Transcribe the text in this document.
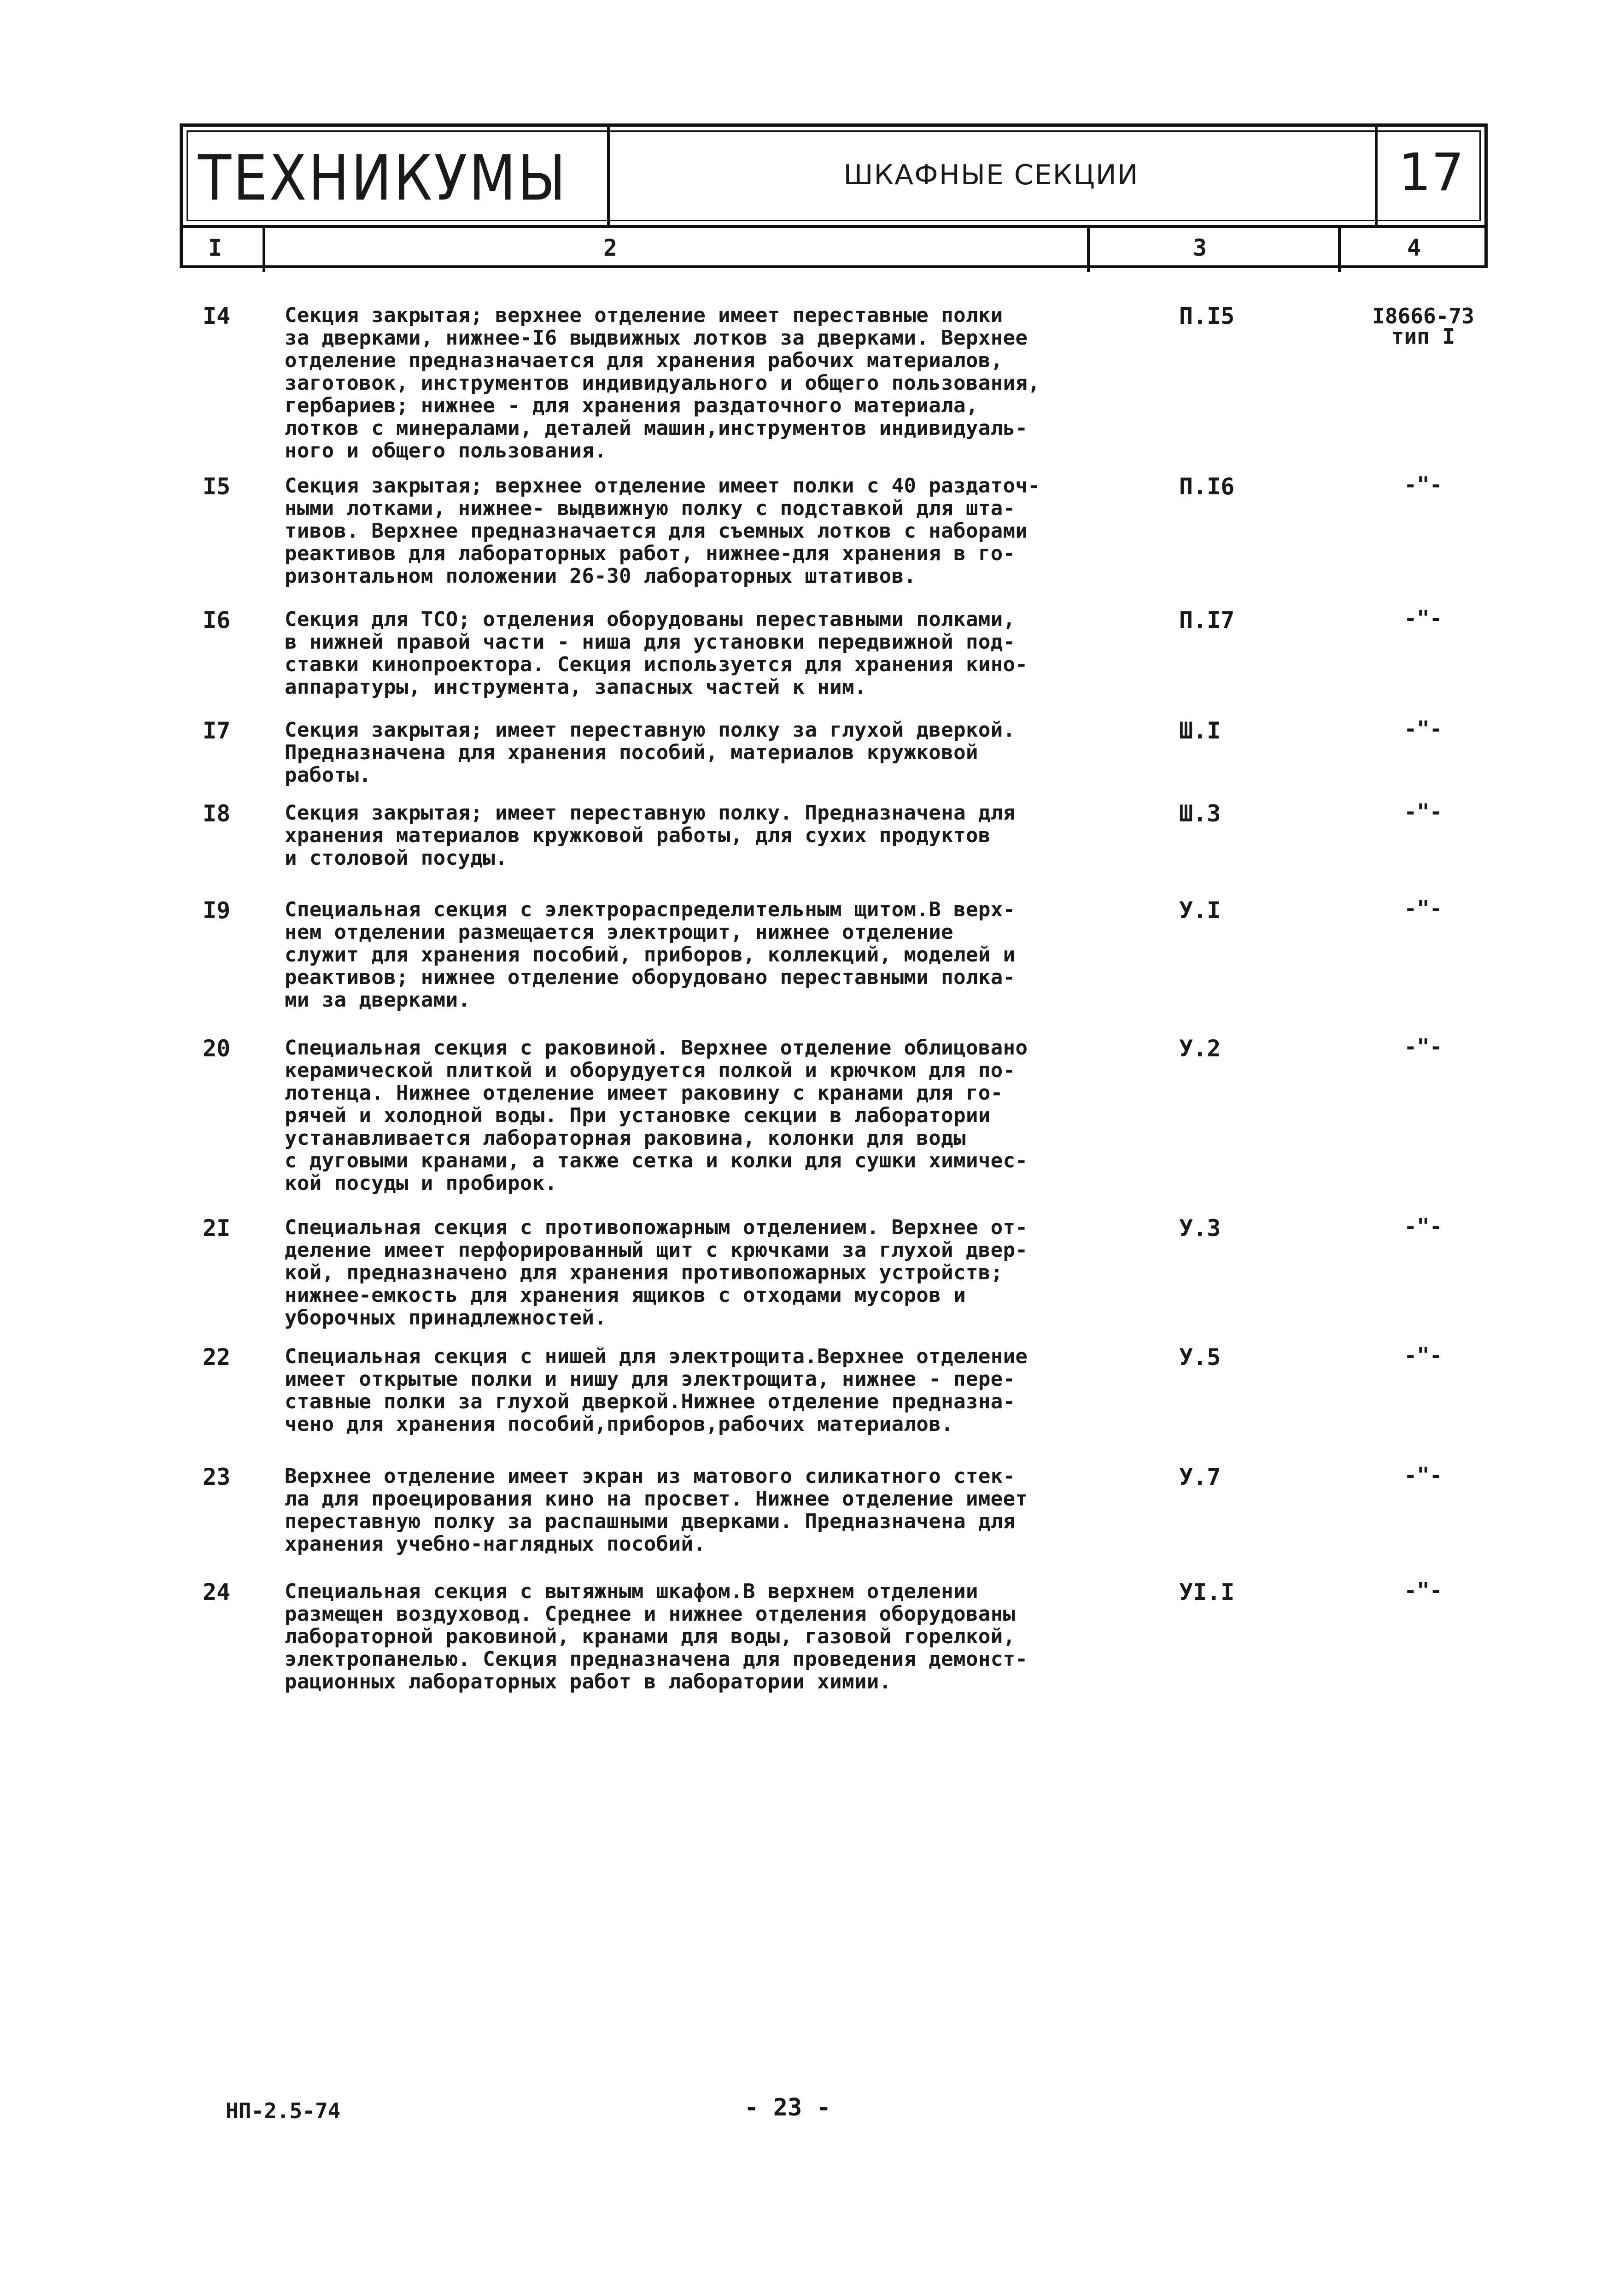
ТЕХНИКУМЫ	ШКАФНЫЕ СЕКЦИИ	17
I	2	3	4
I4	Секция закрытая; верхнее отделение имеет переставные полки
за дверками, нижнее-I6 выдвижных лотков за дверками. Верхнее
отделение предназначается для хранения рабочих материалов,
заготовок, инструментов индивидуального и общего пользования,
гербариев; нижнее - для хранения раздаточного материала,
лотков с минералами, деталей машин,инструментов индивидуаль-
ного и общего пользования.
П.I5	I8666-73
тип I
I5	Секция закрытая; верхнее отделение имеет полки с 40 раздаточ-
ными лотками, нижнее- выдвижную полку с подставкой для шта-
тивов. Верхнее предназначается для съемных лотков с наборами
реактивов для лабораторных работ, нижнее-для хранения в го-
ризонтальном положении 26-30 лабораторных штативов.
П.I6	-"-
I6	Секция для ТСО; отделения оборудованы переставными полками,
в нижней правой части - ниша для установки передвижной под-
ставки кинопроектора. Секция используется для хранения кино-
аппаратуры, инструмента, запасных частей к ним.
П.I7	-"-
I7	Секция закрытая; имеет переставную полку за глухой дверкой.
Предназначена для хранения пособий, материалов кружковой
работы.
Ш.I	-"-
I8	Секция закрытая; имеет переставную полку. Предназначена для
хранения материалов кружковой работы, для сухих продуктов
и столовой посуды.
Ш.3	-"-
I9	Специальная секция с электрораспределительным щитом.В верх-
нем отделении размещается электрощит, нижнее отделение
служит для хранения пособий, приборов, коллекций, моделей и
реактивов; нижнее отделение оборудовано переставными полка-
ми за дверками.
У.I	-"-
20	Специальная секция с раковиной. Верхнее отделение облицовано
керамической плиткой и оборудуется полкой и крючком для по-
лотенца. Нижнее отделение имеет раковину с кранами для го-
рячей и холодной воды. При установке секции в лаборатории
устанавливается лабораторная раковина, колонки для воды
с дуговыми кранами, а также сетка и колки для сушки химичес-
кой посуды и пробирок.
У.2	-"-
2I	Специальная секция с противопожарным отделением. Верхнее от-
деление имеет перфорированный щит с крючками за глухой двер-
кой, предназначено для хранения противопожарных устройств;
нижнее-емкость для хранения ящиков с отходами мусоров и
уборочных принадлежностей.
У.3	-"-
22	Специальная секция с нишей для электрощита.Верхнее отделение
имеет открытые полки и нишу для электрощита, нижнее - пере-
ставные полки за глухой дверкой.Нижнее отделение предназна-
чено для хранения пособий,приборов,рабочих материалов.
У.5	-"-
23	Верхнее отделение имеет экран из матового силикатного стек-
ла для проецирования кино на просвет. Нижнее отделение имеет
переставную полку за распашными дверками. Предназначена для
хранения учебно-наглядных пособий.
У.7	-"-
24	Специальная секция с вытяжным шкафом.В верхнем отделении
размещен воздуховод. Среднее и нижнее отделения оборудованы
лабораторной раковиной, кранами для воды, газовой горелкой,
электропанелью. Секция предназначена для проведения демонст-
рационных лабораторных работ в лаборатории химии.
УI.I	-"-
НП-2.5-74	- 23 -
